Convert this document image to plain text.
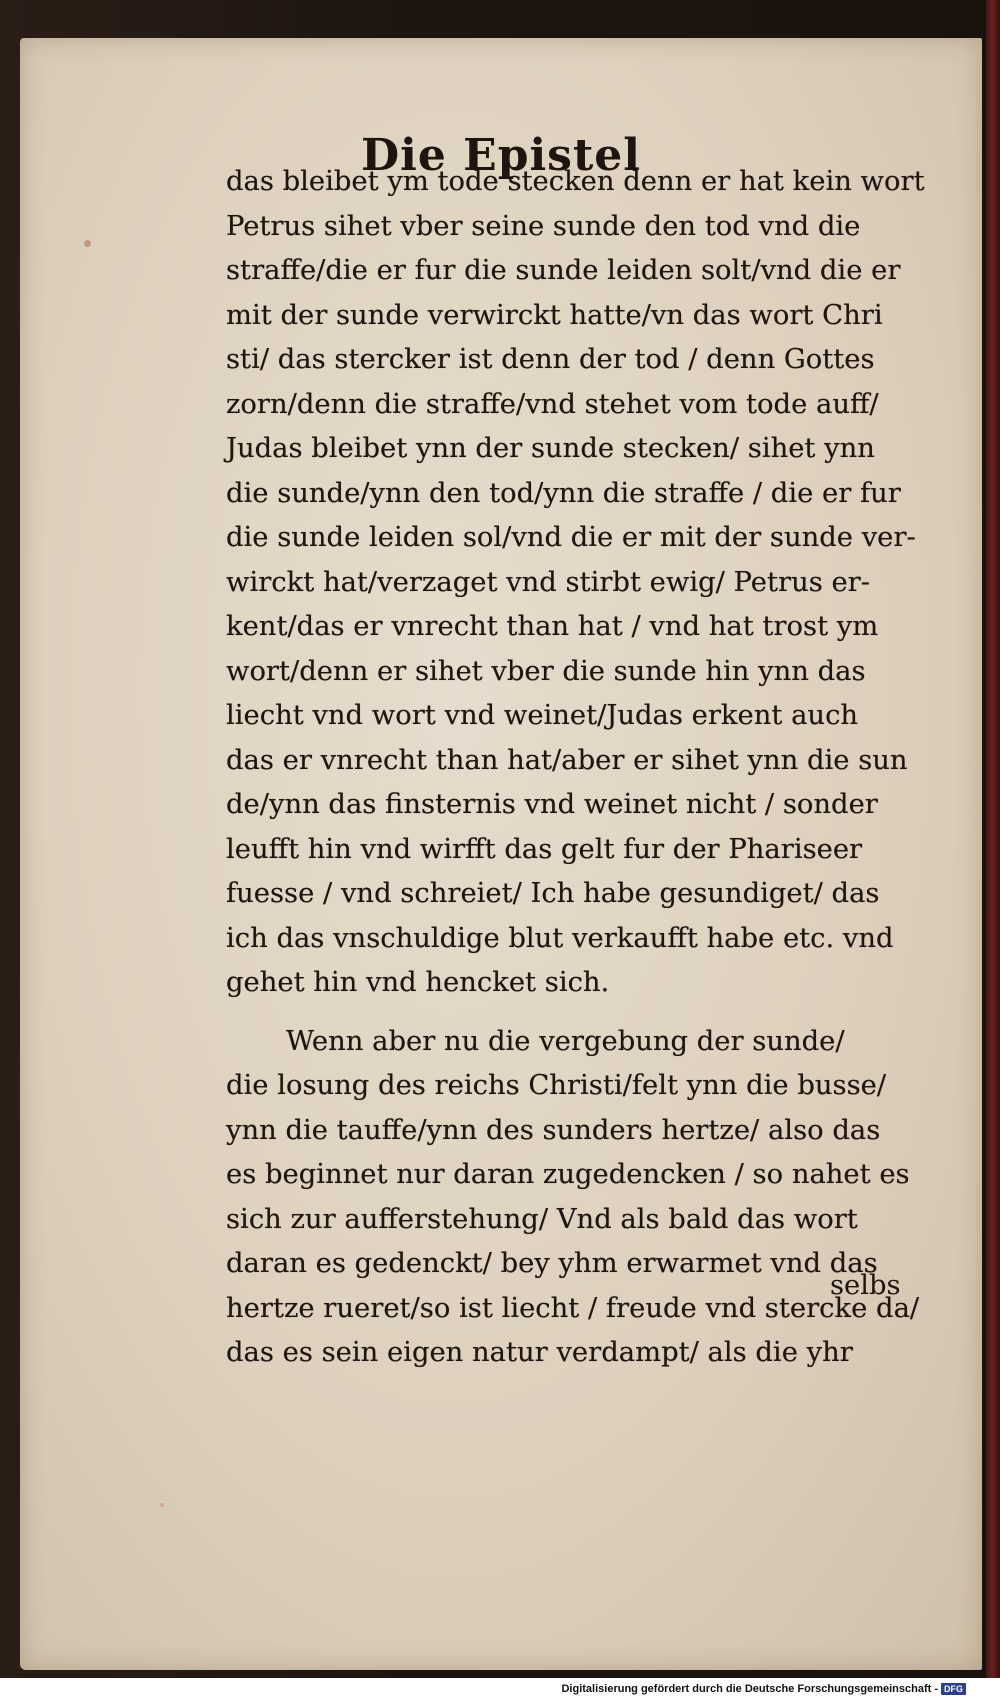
Die Epistel
das bleibet ym tode stecken denn er hat kein wort
Petrus sihet vber seine sunde den tod vnd die
straffe/die er fur die sunde leiden solt/vnd die er
mit der sunde verwirckt hatte/vn das wort Chri
sti/ das stercker ist denn der tod / denn Gottes
zorn/denn die straffe/vnd stehet vom tode auff/
Judas bleibet ynn der sunde stecken/ sihet ynn
die sunde/ynn den tod/ynn die straffe / die er fur
die sunde leiden sol/vnd die er mit der sunde ver-
wirckt hat/verzaget vnd stirbt ewig/ Petrus er-
kent/das er vnrecht than hat / vnd hat trost ym
wort/denn er sihet vber die sunde hin ynn das
liecht vnd wort vnd weinet/Judas erkent auch
das er vnrecht than hat/aber er sihet ynn die sun
de/ynn das finsternis vnd weinet nicht / sonder
leufft hin vnd wirfft das gelt fur der Phariseer
fuesse / vnd schreiet/ Ich habe gesundiget/ das
ich das vnschuldige blut verkaufft habe etc. vnd
gehet hin vnd hencket sich.
Wenn aber nu die vergebung der sunde/
die losung des reichs Christi/felt ynn die busse/
ynn die tauffe/ynn des sunders hertze/ also das
es beginnet nur daran zugedencken / so nahet es
sich zur aufferstehung/ Vnd als bald das wort
daran es gedenckt/ bey yhm erwarmet vnd das
hertze rueret/so ist liecht / freude vnd stercke da/
das es sein eigen natur verdampt/ als die yhr
selbs
Digitalisierung gefördert durch die Deutsche Forschungsgemeinschaft - DFG
